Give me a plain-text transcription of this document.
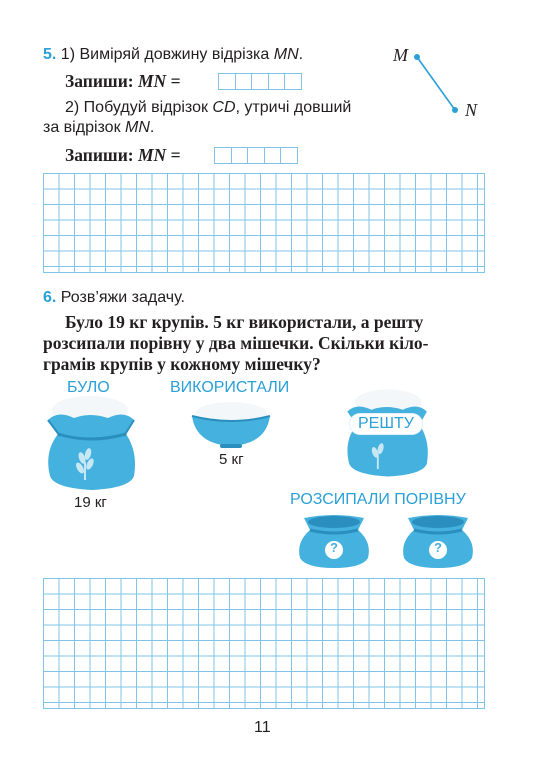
5. 1) Виміряй довжину відрізка MN.
Запиши: MN =
2) Побудуй відрізок CD, утричі довший
за відрізок MN.
Запиши: MN =
M
N
6. Розв’яжи задачу.
Було 19 кг крупів. 5 кг використали, а решту
розсипали порівну у два мішечки. Скільки кіло-
грамів крупів у кожному мішечку?
БУЛО	ВИКОРИСТАЛИ
РОЗСИПАЛИ ПОРІВНУ
19 кг
5 кг
РЕШТУ
?	?
11
